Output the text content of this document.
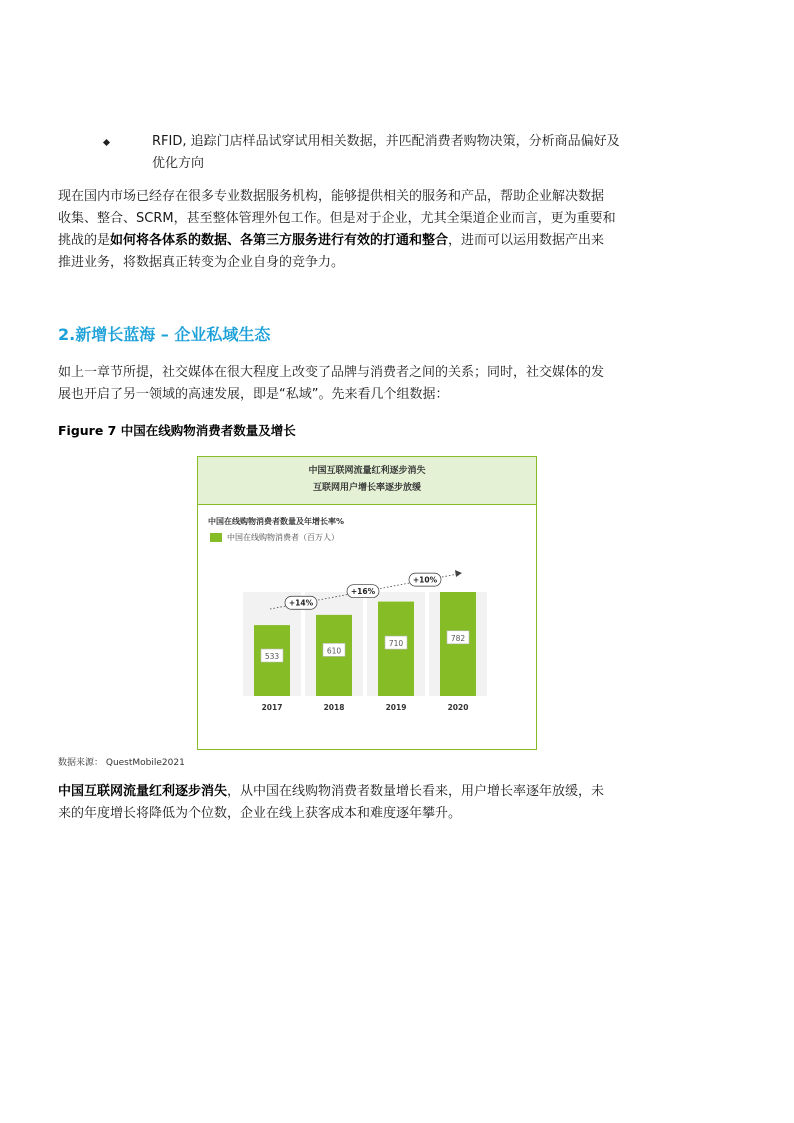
RFID, 追踪门店样品试穿试用相关数据，并匹配消费者购物决策，分析商品偏好及
优化方向
现在国内市场已经存在很多专业数据服务机构，能够提供相关的服务和产品，帮助企业解决数据
收集、整合、SCRM，甚至整体管理外包工作。但是对于企业，尤其全渠道企业而言，更为重要和
挑战的是如何将各体系的数据、各第三方服务进行有效的打通和整合，进而可以运用数据产出来
推进业务，将数据真正转变为企业自身的竞争力。
2.新增长蓝海 – 企业私域生态
如上一章节所提，社交媒体在很大程度上改变了品牌与消费者之间的关系；同时，社交媒体的发
展也开启了另一领域的高速发展，即是“私域”。先来看几个组数据：
Figure 7 中国在线购物消费者数量及增长
中国互联网流量红利逐步消失
互联网用户增长率逐步放缓
中国在线购物消费者数量及年增长率%
中国在线购物消费者（百万人）
533
2017
610
2018
710
2019
782
2020
+14%
+16%
+10%
数据来源： QuestMobile2021
中国互联网流量红利逐步消失，从中国在线购物消费者数量增长看来，用户增长率逐年放缓，未
来的年度增长将降低为个位数，企业在线上获客成本和难度逐年攀升。
